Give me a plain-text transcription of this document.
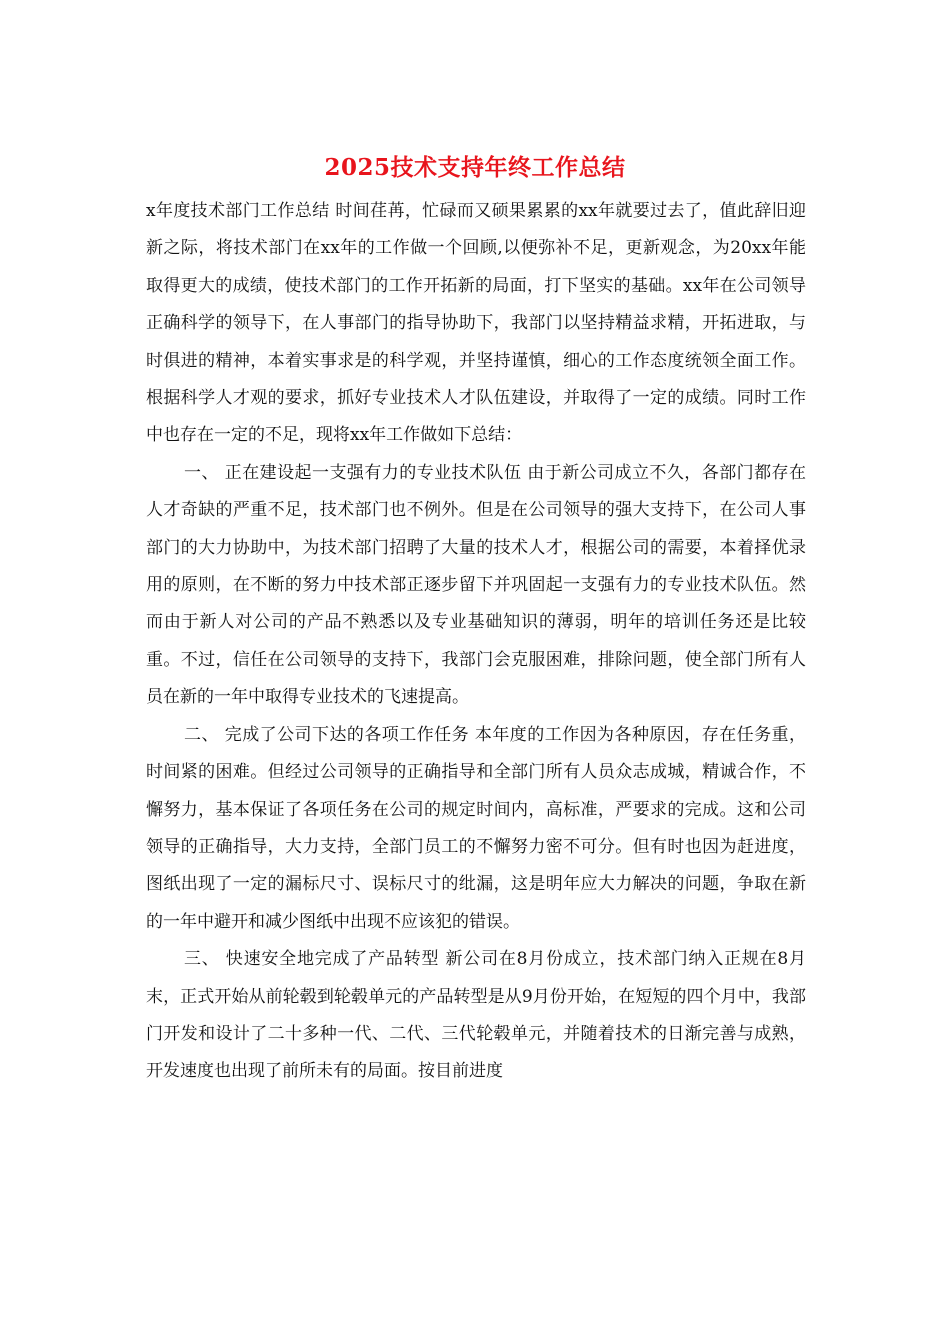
2025技术支持年终工作总结

x年度技术部门工作总结 时间荏苒，忙碌而又硕果累累的xx年就要过去了，值此辞旧迎新之际，将技术部门在xx年的工作做一个回顾,以便弥补不足，更新观念，为20xx年能取得更大的成绩，使技术部门的工作开拓新的局面，打下坚实的基础。xx年在公司领导正确科学的领导下，在人事部门的指导协助下，我部门以坚持精益求精，开拓进取，与时俱进的精神，本着实事求是的科学观，并坚持谨慎，细心的工作态度统领全面工作。根据科学人才观的要求，抓好专业技术人才队伍建设，并取得了一定的成绩。同时工作中也存在一定的不足，现将xx年工作做如下总结：

一、 正在建设起一支强有力的专业技术队伍 由于新公司成立不久，各部门都存在人才奇缺的严重不足，技术部门也不例外。但是在公司领导的强大支持下，在公司人事部门的大力协助中，为技术部门招聘了大量的技术人才，根据公司的需要，本着择优录用的原则，在不断的努力中技术部正逐步留下并巩固起一支强有力的专业技术队伍。然而由于新人对公司的产品不熟悉以及专业基础知识的薄弱，明年的培训任务还是比较重。不过，信任在公司领导的支持下，我部门会克服困难，排除问题，使全部门所有人员在新的一年中取得专业技术的飞速提高。

二、 完成了公司下达的各项工作任务 本年度的工作因为各种原因，存在任务重，时间紧的困难。但经过公司领导的正确指导和全部门所有人员众志成城，精诚合作，不懈努力，基本保证了各项任务在公司的规定时间内，高标准，严要求的完成。这和公司领导的正确指导，大力支持，全部门员工的不懈努力密不可分。但有时也因为赶进度，图纸出现了一定的漏标尺寸、误标尺寸的纰漏，这是明年应大力解决的问题，争取在新的一年中避开和减少图纸中出现不应该犯的错误。

三、 快速安全地完成了产品转型 新公司在8月份成立，技术部门纳入正规在8月末，正式开始从前轮毂到轮毂单元的产品转型是从9月份开始，在短短的四个月中，我部门开发和设计了二十多种一代、二代、三代轮毂单元，并随着技术的日渐完善与成熟，开发速度也出现了前所未有的局面。按目前进度
